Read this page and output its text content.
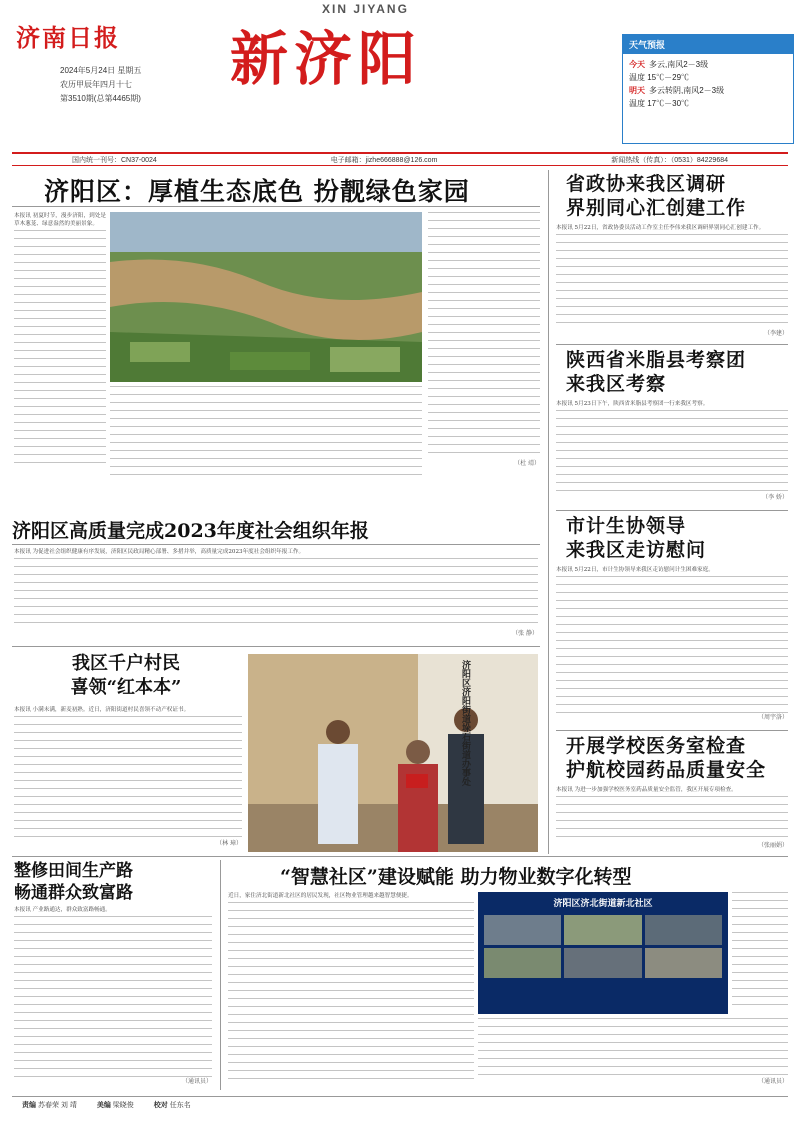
济南日报
XIN JIYANG
新济阳
2024年5月24日 星期五
农历甲辰年四月十七
第3510期(总第4465期)
天气预报
今天 多云,南风2－3级
温度 15℃－29℃
明天 多云转阴,南风2－3级
温度 17℃－30℃
国内统一刊号：CN37-0024	电子邮箱：jizhe666888@126.com	新闻热线（传真）：（0531）84229684
济阳区：厚植生态底色 扮靓绿色家园
本报讯 初夏时节，漫步济阳，到处是草木葱茏、绿意盎然的美丽景象。
（杜 靖）
济阳区高质量完成2023年度社会组织年报
本报讯 为促进社会组织健康有序发展，济阳区民政局精心部署、多措并举，高质量完成2023年度社会组织年报工作。
（张 静）
我区千户村民
喜领“红本本”
本报讯 小满未满，新麦初熟。近日，济阳街道村民喜领不动产权证书。
（林 璋）
济阳区济阳街道垛石街道办事处
整修田间生产路
畅通群众致富路
本报讯 产业路通达，群众致富路畅通。
（通讯员）
“智慧社区”建设赋能 助力物业数字化转型
近日，家住济北街道新北社区的居民发现，社区物业管理越来越智慧便捷。
济阳区济北街道新北社区
（通讯员）
省政协来我区调研
界别同心汇创建工作
本报讯 5月22日，省政协委员活动工作室主任李伟来我区调研界别同心汇创建工作。
（李建）
陕西省米脂县考察团
来我区考察
本报讯 5月23日下午，陕西省米脂县考察团一行来我区考察。
（李 娇）
市计生协领导
来我区走访慰问
本报讯 5月22日，市计生协领导来我区走访慰问计生困难家庭。
（周宇洛）
开展学校医务室检查
护航校园药品质量安全
本报讯 为进一步加强学校医务室药品质量安全监管，我区开展专项检查。
（张丽娟）
责编 苏春荣 刘 靖	美编 梁晓俊	校对 任东名
